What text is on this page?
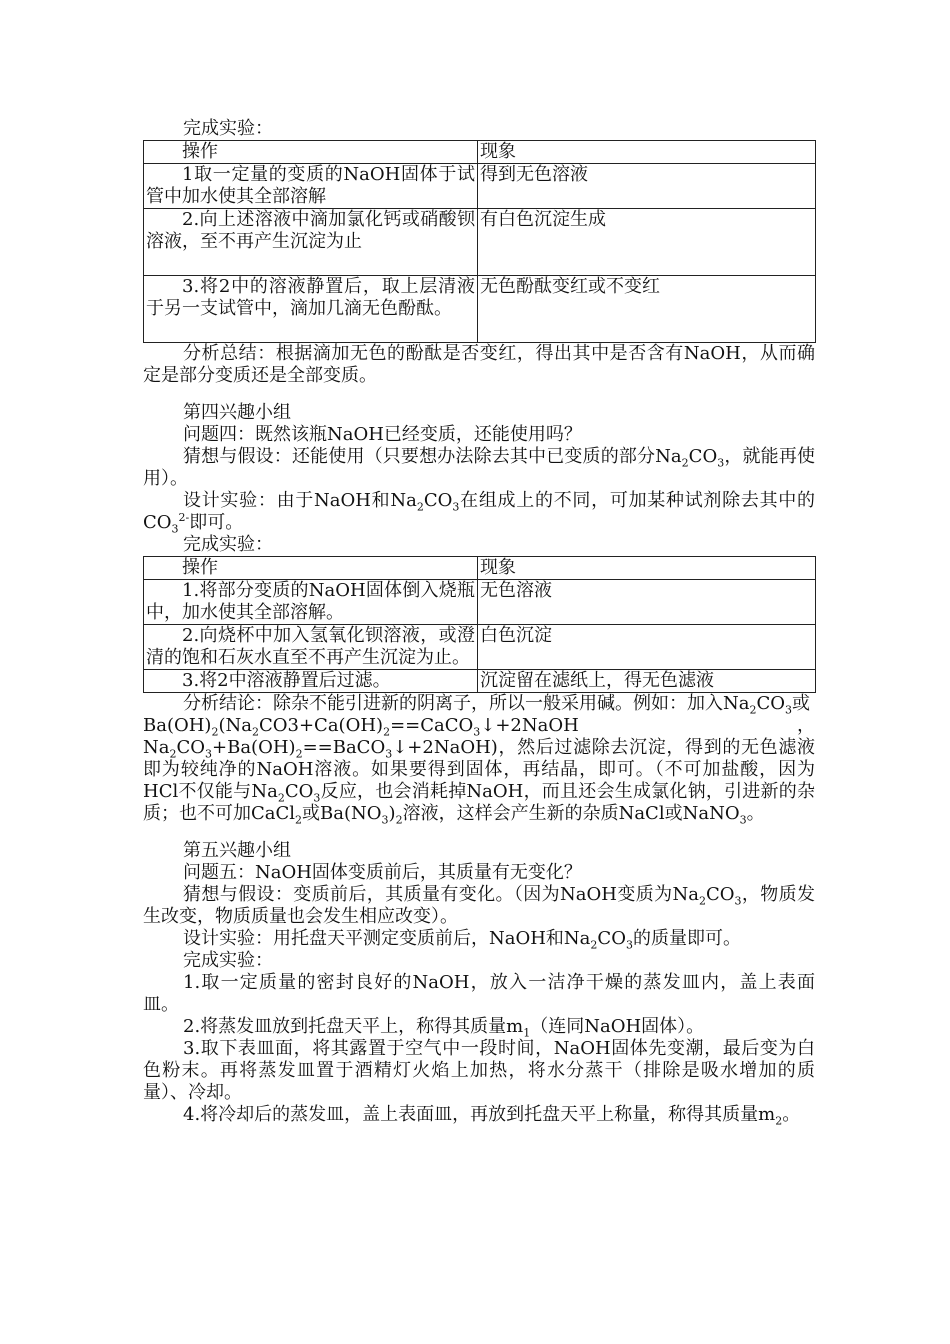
完成实验：

操作	现象
1取一定量的变质的NaOH固体于试管中加水使其全部溶解	得到无色溶液
2.向上述溶液中滴加氯化钙或硝酸钡溶液，至不再产生沉淀为止	有白色沉淀生成
3.将2中的溶液静置后，取上层清液于另一支试管中，滴加几滴无色酚酞。	无色酚酞变红或不变红

分析总结：根据滴加无色的酚酞是否变红，得出其中是否含有NaOH，从而确定是部分变质还是全部变质。

第四兴趣小组

问题四：既然该瓶NaOH已经变质，还能使用吗？

猜想与假设：还能使用（只要想办法除去其中已变质的部分$Na_2CO_3$，就能再使用）。

设计实验：由于NaOH和$Na_2CO_3$在组成上的不同，可加某种试剂除去其中的$CO_3^{2-}$即可。

完成实验：

操作	现象
1.将部分变质的NaOH固体倒入烧瓶中，加水使其全部溶解。	无色溶液
2.向烧杯中加入氢氧化钡溶液，或澄清的饱和石灰水直至不再产生沉淀为止。	白色沉淀
3.将2中溶液静置后过滤。	沉淀留在滤纸上，得无色滤液

分析结论：除杂不能引进新的阴离子，所以一般采用碱。例如：加入$Na_2CO_3$或

$Ba(OH)_2(Na_2CO3+Ca(OH)_2==CaCO_3↓+2NaOH$，$Na_2CO_3+Ba(OH)_2==BaCO_3↓+2NaOH$)，然后过滤除去沉淀，得到的无色滤液即为较纯净的NaOH溶液。如果要得到固体，再结晶，即可。（不可加盐酸，因为HCl不仅能与$Na_2CO_3$反应，也会消耗掉NaOH，而且还会生成氯化钠，引进新的杂质；也不可加CaCl$_2$或$Ba(NO_3)_2$溶液，这样会产生新的杂质NaCl或NaNO$_3$。

第五兴趣小组

问题五：NaOH固体变质前后，其质量有无变化？

猜想与假设：变质前后，其质量有变化。（因为NaOH变质为$Na_2CO_3$，物质发生改变，物质质量也会发生相应改变）。

设计实验：用托盘天平测定变质前后，NaOH和$Na_2CO_3$的质量即可。

完成实验：

1.取一定质量的密封良好的NaOH，放入一洁净干燥的蒸发皿内，盖上表面皿。

2.将蒸发皿放到托盘天平上，称得其质量$m_1$（连同NaOH固体）。

3.取下表皿面，将其露置于空气中一段时间，NaOH固体先变潮，最后变为白色粉末。再将蒸发皿置于酒精灯火焰上加热，将水分蒸干（排除是吸水增加的质量）、冷却。

4.将冷却后的蒸发皿，盖上表面皿，再放到托盘天平上称量，称得其质量$m_2$。
